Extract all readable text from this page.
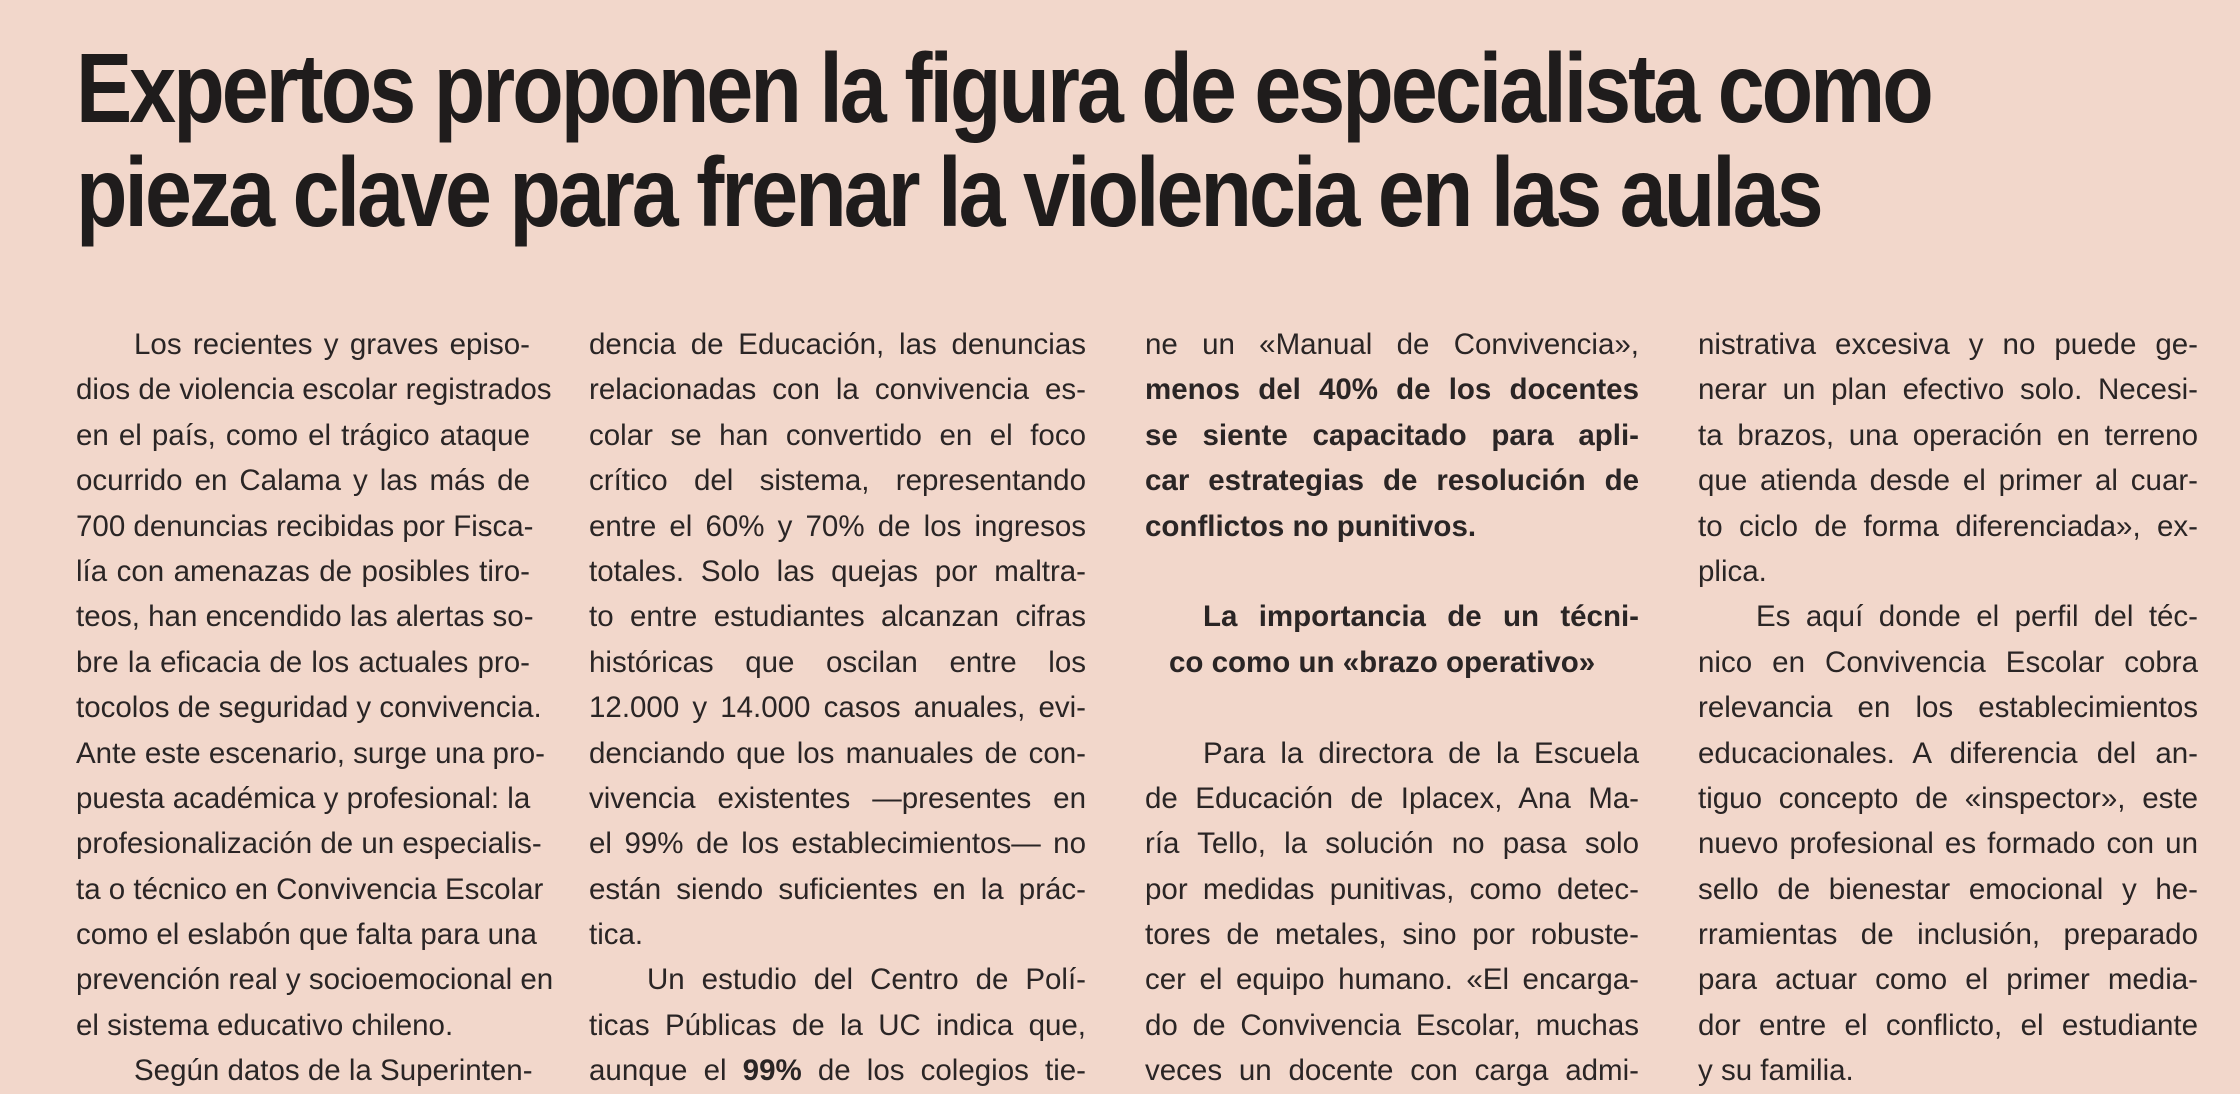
Expertos proponen la figura de especialista como
pieza clave para frenar la violencia en las aulas
Los recientes y graves episo-
dios de violencia escolar registrados
en el país, como el trágico ataque
ocurrido en Calama y las más de
700 denuncias recibidas por Fisca-
lía con amenazas de posibles tiro-
teos, han encendido las alertas so-
bre la eficacia de los actuales pro-
tocolos de seguridad y convivencia.
Ante este escenario, surge una pro-
puesta académica y profesional: la
profesionalización de un especialis-
ta o técnico en Convivencia Escolar
como el eslabón que falta para una
prevención real y socioemocional en
el sistema educativo chileno.
Según datos de la Superinten-
dencia de Educación, las denuncias
relacionadas con la convivencia es-
colar se han convertido en el foco
crítico del sistema, representando
entre el 60% y 70% de los ingresos
totales. Solo las quejas por maltra-
to entre estudiantes alcanzan cifras
históricas que oscilan entre los
12.000 y 14.000 casos anuales, evi-
denciando que los manuales de con-
vivencia existentes —presentes en
el 99% de los establecimientos— no
están siendo suficientes en la prác-
tica.
Un estudio del Centro de Polí-
ticas Públicas de la UC indica que,
aunque el 99% de los colegios tie-
ne un «Manual de Convivencia»,
menos del 40% de los docentes
se siente capacitado para apli-
car estrategias de resolución de
conflictos no punitivos.
La importancia de un técni-
co como un «brazo operativo»
Para la directora de la Escuela
de Educación de Iplacex, Ana Ma-
ría Tello, la solución no pasa solo
por medidas punitivas, como detec-
tores de metales, sino por robuste-
cer el equipo humano. «El encarga-
do de Convivencia Escolar, muchas
veces un docente con carga admi-
nistrativa excesiva y no puede ge-
nerar un plan efectivo solo. Necesi-
ta brazos, una operación en terreno
que atienda desde el primer al cuar-
to ciclo de forma diferenciada», ex-
plica.
Es aquí donde el perfil del téc-
nico en Convivencia Escolar cobra
relevancia en los establecimientos
educacionales. A diferencia del an-
tiguo concepto de «inspector», este
nuevo profesional es formado con un
sello de bienestar emocional y he-
rramientas de inclusión, preparado
para actuar como el primer media-
dor entre el conflicto, el estudiante
y su familia.
